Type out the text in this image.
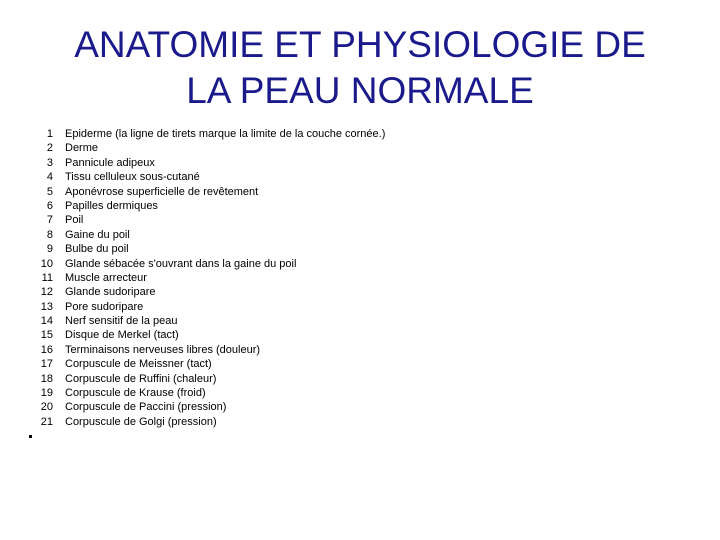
ANATOMIE ET PHYSIOLOGIE DE
LA PEAU NORMALE
1 Epiderme (la ligne de tirets marque la limite de la couche cornée.)
2 Derme
3 Pannicule adipeux
4 Tissu celluleux sous-cutané
5 Aponévrose superficielle de revêtement
6 Papilles dermiques
7 Poil
8 Gaine du poil
9 Bulbe du poil
10 Glande sébacée s'ouvrant dans la gaine du poil
11 Muscle arrecteur
12 Glande sudoripare
13 Pore sudoripare
14 Nerf sensitif de la peau
15 Disque de Merkel (tact)
16 Terminaisons nerveuses libres (douleur)
17 Corpuscule de Meissner (tact)
18 Corpuscule de Ruffini (chaleur)
19 Corpuscule de Krause (froid)
20 Corpuscule de Paccini (pression)
21 Corpuscule de Golgi (pression)
